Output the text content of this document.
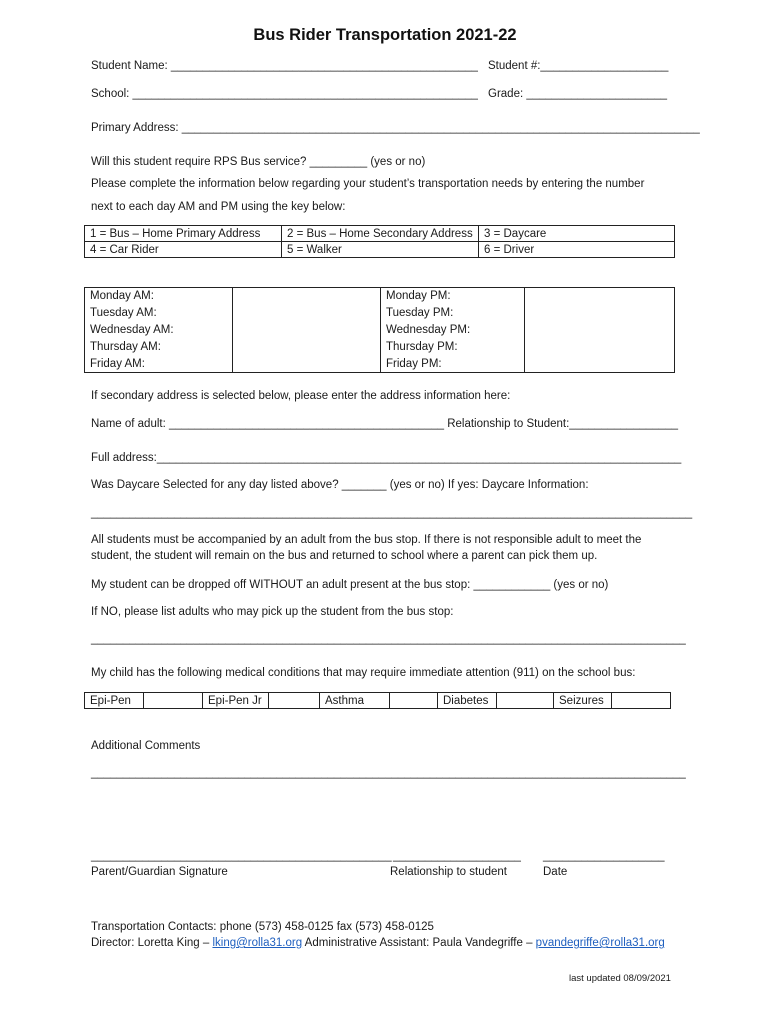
Bus Rider Transportation 2021-22
Student Name: ________________________________________________ Student #:____________________
School: ______________________________________________________ Grade: ______________________
Primary Address: _________________________________________________________________________________
Will this student require RPS Bus service? _________ (yes or no)
Please complete the information below regarding your student’s transportation needs by entering the number
next to each day AM and PM using the key below:
1 = Bus – Home Primary Address	2 = Bus – Home Secondary Address	3 = Daycare
4 = Car Rider	5 = Walker	6 = Driver
Monday AM:		Monday PM:	
Tuesday AM:		Tuesday PM:	
Wednesday AM:		Wednesday PM:	
Thursday AM:		Thursday PM:	
Friday AM:		Friday PM:	
If secondary address is selected below, please enter the address information here:
Name of adult: ___________________________________________ Relationship to Student:_________________
Full address:__________________________________________________________________________________
Was Daycare Selected for any day listed above? _______ (yes or no) If yes: Daycare Information:
______________________________________________________________________________________________
All students must be accompanied by an adult from the bus stop. If there is not responsible adult to meet the
student, the student will remain on the bus and returned to school where a parent can pick them up.
My student can be dropped off WITHOUT an adult present at the bus stop: ____________ (yes or no)
If NO, please list adults who may pick up the student from the bus stop:
_____________________________________________________________________________________________
My child has the following medical conditions that may require immediate attention (911) on the school bus:
Epi-Pen		Epi-Pen Jr		Asthma		Diabetes		Seizures	
Additional Comments
_____________________________________________________________________________________________
_______________________________________________ ____________________ ___________________
Parent/Guardian Signature	Relationship to student	Date
Transportation Contacts: phone (573) 458-0125 fax (573) 458-0125
Director: Loretta King – lking@rolla31.org Administrative Assistant: Paula Vandegriffe – pvandegriffe@rolla31.org
last updated 08/09/2021
